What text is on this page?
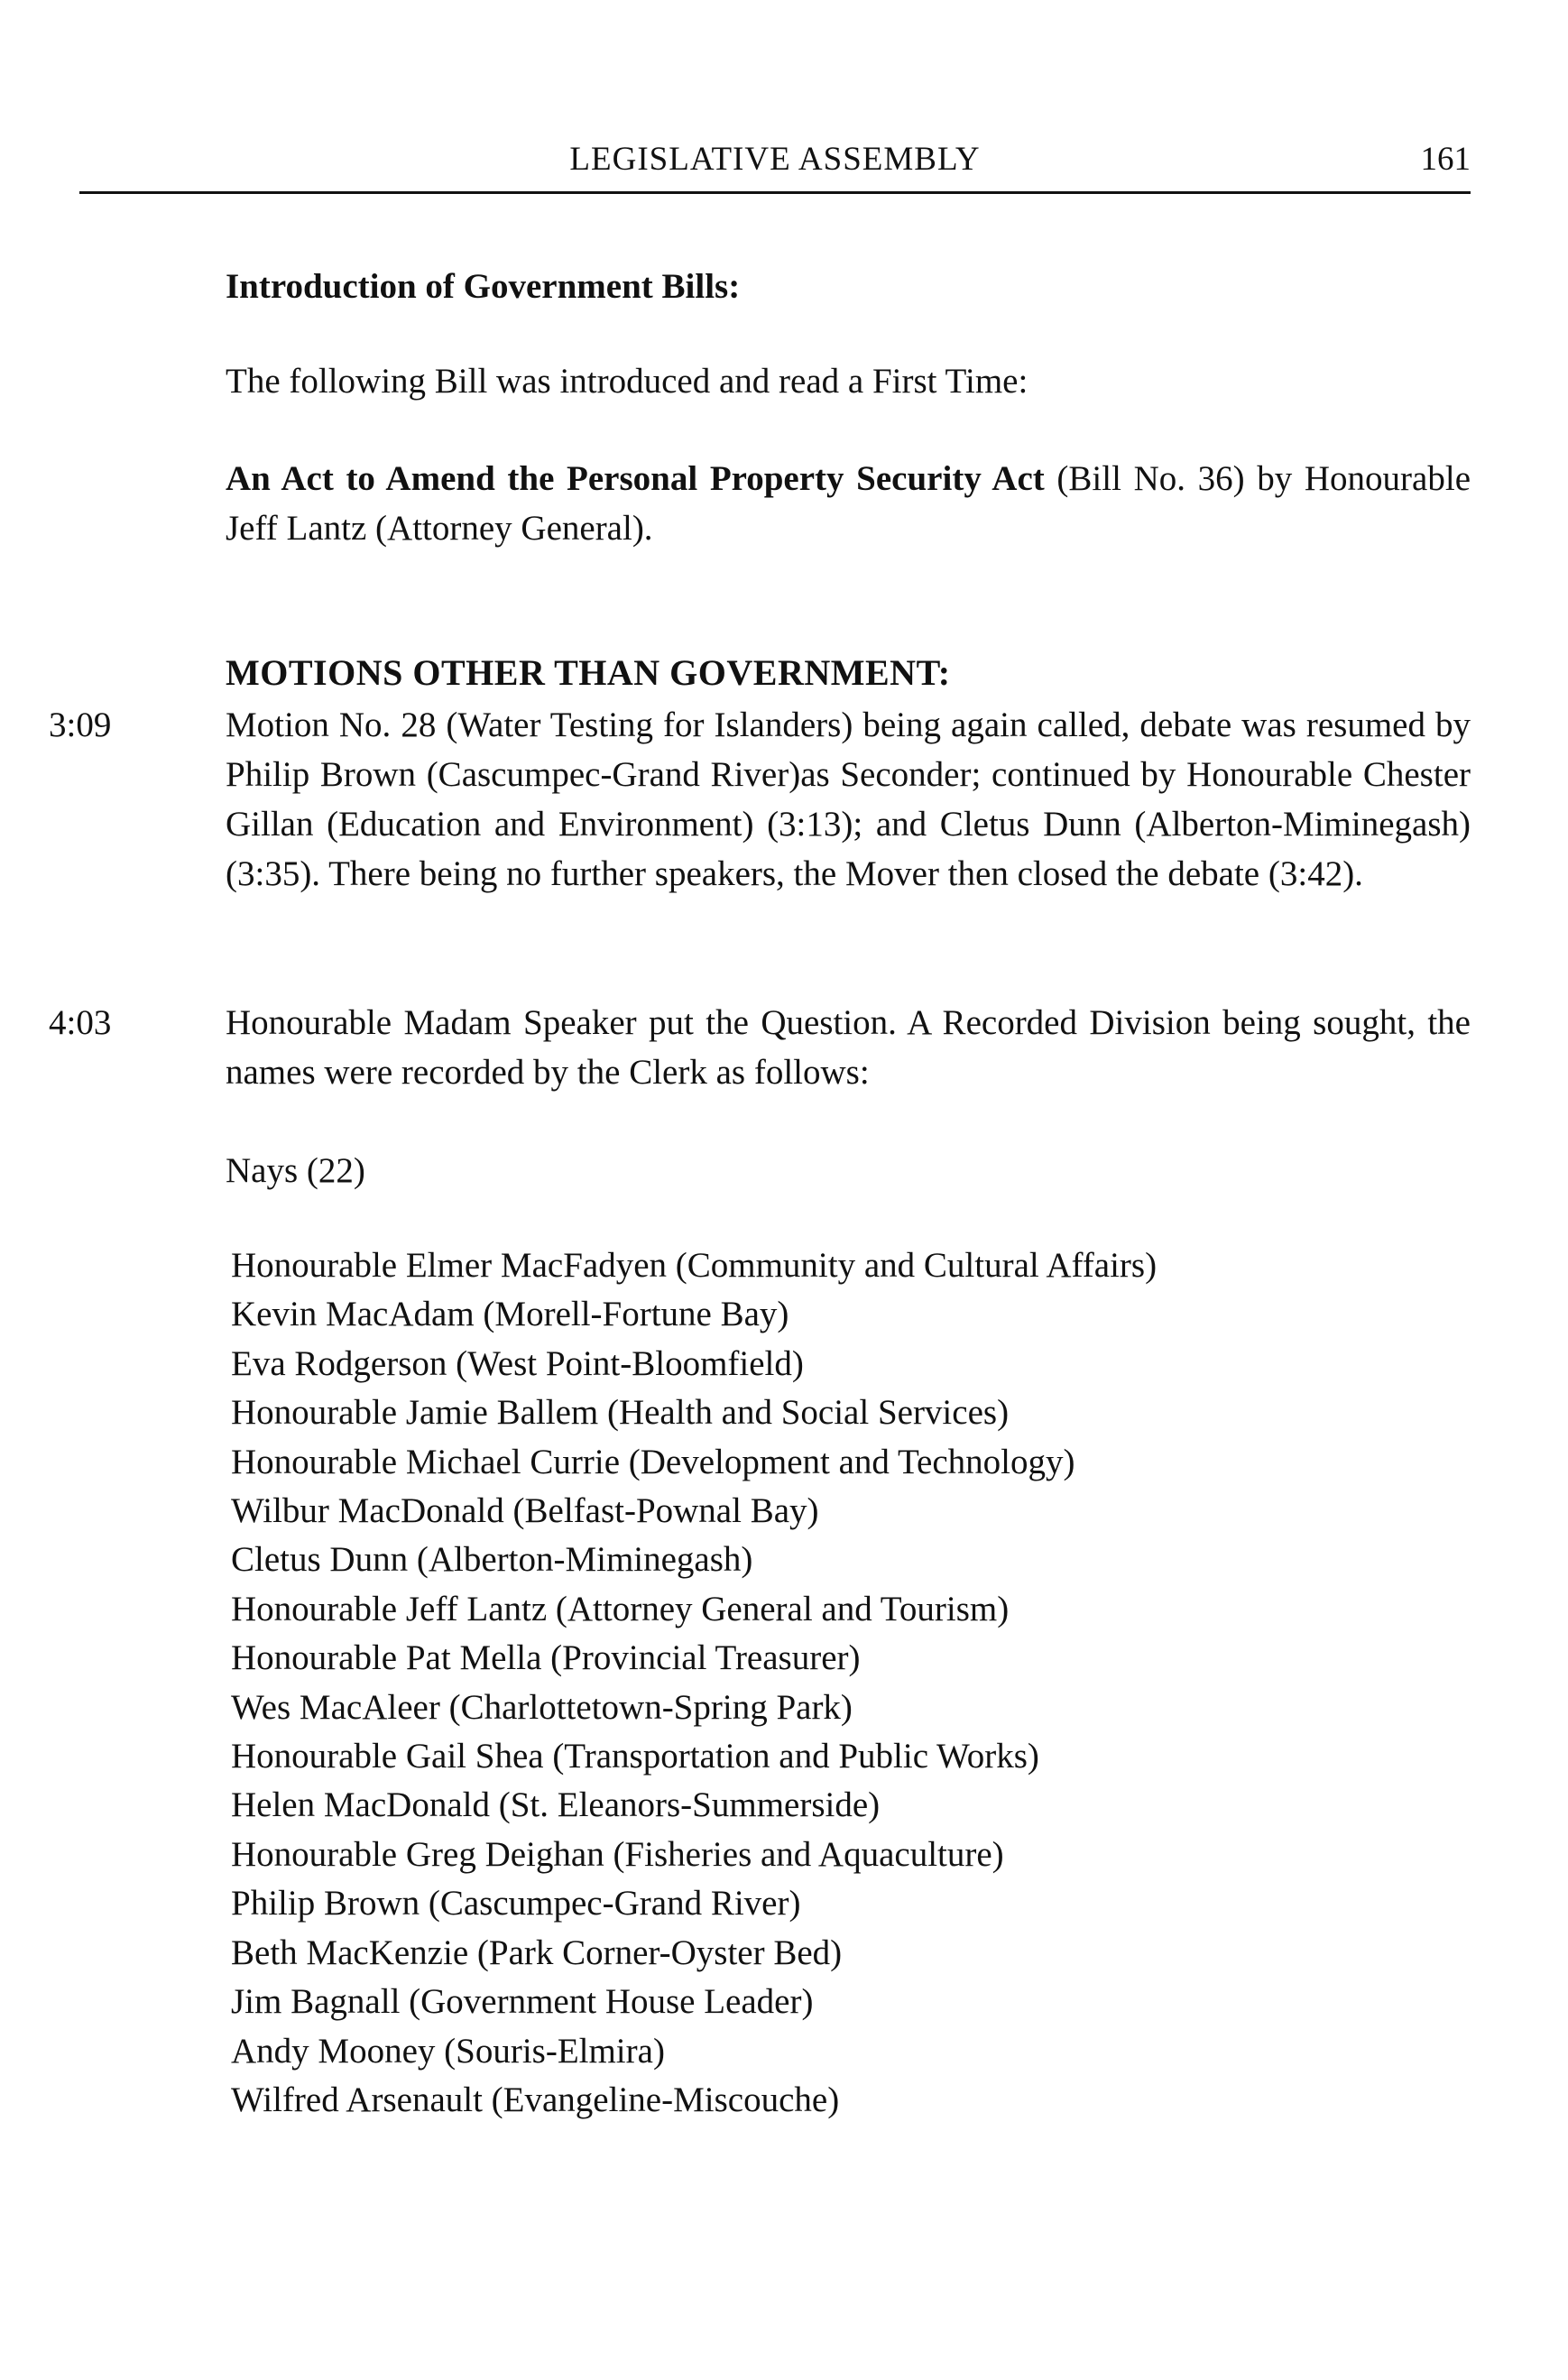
LEGISLATIVE ASSEMBLY	161
Introduction of Government Bills:
The following Bill was introduced and read a First Time:
An Act to Amend the Personal Property Security Act (Bill No. 36) by Honourable Jeff Lantz (Attorney General).
MOTIONS OTHER THAN GOVERNMENT:
3:09	Motion No. 28 (Water Testing for Islanders) being again called, debate was resumed by Philip Brown (Cascumpec-Grand River)as Seconder; continued by Honourable Chester Gillan (Education and Environment) (3:13); and Cletus Dunn (Alberton-Miminegash) (3:35). There being no further speakers, the Mover then closed the debate (3:42).
4:03	Honourable Madam Speaker put the Question. A Recorded Division being sought, the names were recorded by the Clerk as follows:
Nays (22)
Honourable Elmer MacFadyen (Community and Cultural Affairs)
Kevin MacAdam (Morell-Fortune Bay)
Eva Rodgerson (West Point-Bloomfield)
Honourable Jamie Ballem (Health and Social Services)
Honourable Michael Currie (Development and Technology)
Wilbur MacDonald (Belfast-Pownal Bay)
Cletus Dunn (Alberton-Miminegash)
Honourable Jeff Lantz (Attorney General and Tourism)
Honourable Pat Mella (Provincial Treasurer)
Wes MacAleer (Charlottetown-Spring Park)
Honourable Gail Shea (Transportation and Public Works)
Helen MacDonald (St. Eleanors-Summerside)
Honourable Greg Deighan (Fisheries and Aquaculture)
Philip Brown (Cascumpec-Grand River)
Beth MacKenzie (Park Corner-Oyster Bed)
Jim Bagnall (Government House Leader)
Andy Mooney (Souris-Elmira)
Wilfred Arsenault (Evangeline-Miscouche)
